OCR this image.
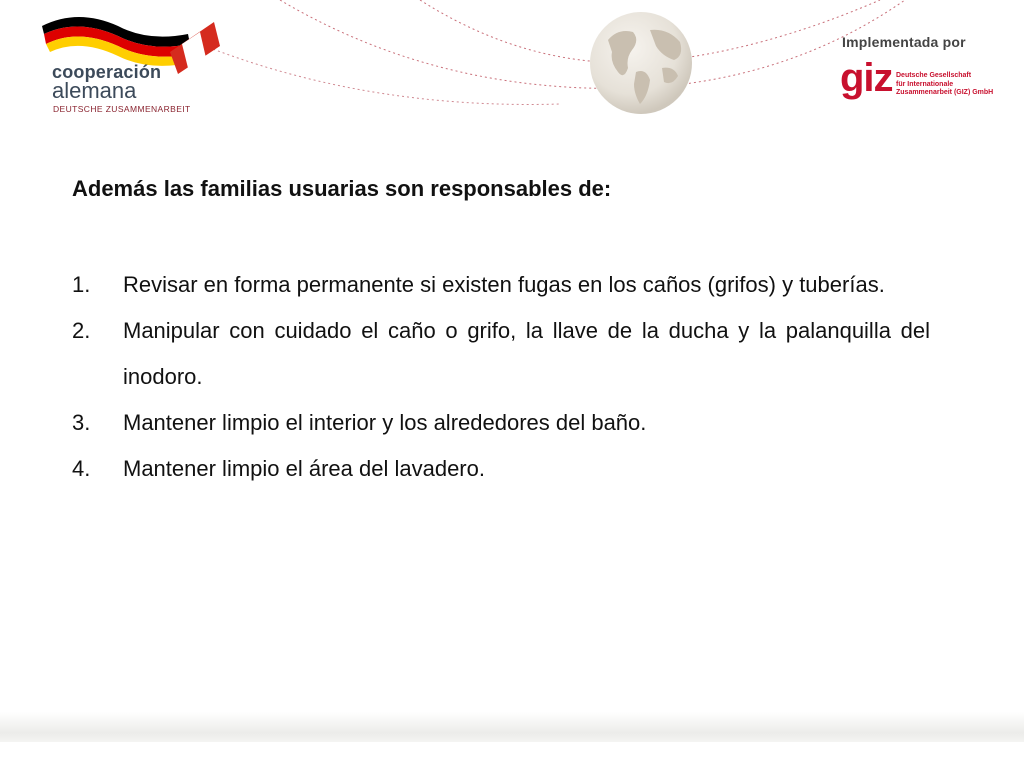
cooperación
alemana
DEUTSCHE ZUSAMMENARBEIT
Implementada por
giz Deutsche Gesellschaft
für Internationale
Zusammenarbeit (GIZ) GmbH
Además las familias usuarias son responsables de:
1. Revisar en forma permanente si existen fugas en los caños (grifos) y tuberías.
2. Manipular con cuidado el caño o grifo, la llave de la ducha y la palanquilla del inodoro.
3. Mantener limpio el interior y los alrededores del baño.
4. Mantener limpio el área del lavadero.
